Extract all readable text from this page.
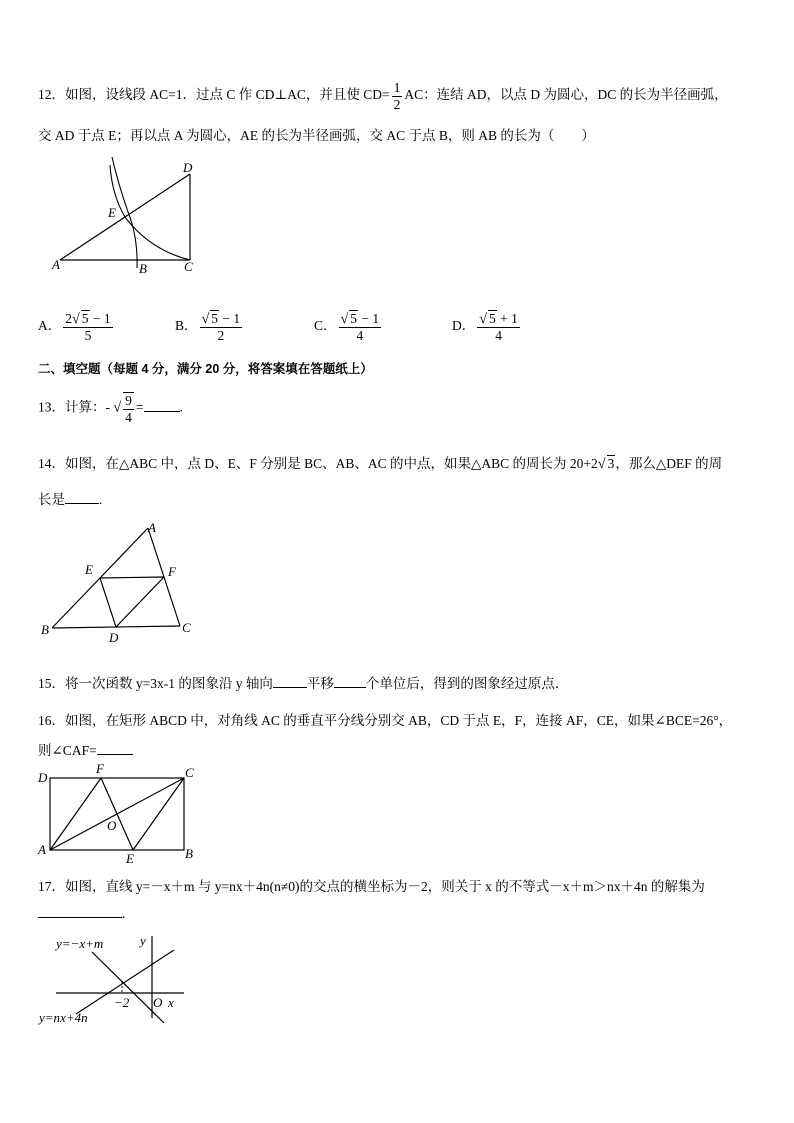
12．如图，设线段 AC=1．过点 C 作 CD⊥AC，并且使 $CD= \frac{1}{2}$ AC：连结 AD，以点 D 为圆心，DC 的长为半径画弧，
交 AD 于点 E；再以点 A 为圆心，AE 的长为半径画弧，交 AC 于点 B，则 AB 的长为（　　）
D
E
A	B	C
A． $\frac{2√ 5 - 1}{5}$	B． $\frac{√ 5 - 1}{2}$	C． $\frac{√ 5 - 1}{4}$	D． $\frac{√ 5 + 1}{4}$
二、填空题（每题 4 分，满分 20 分，将答案填在答题纸上）
13．计算：- √ $\frac{9}{4}$ =	.
14．如图，在△ABC 中，点 D、E、F 分别是 BC、AB、AC 的中点，如果△ABC 的周长为 20+2√ 3，那么△DEF 的周
长是	.
A
E	F
B
D
C
15．将一次函数 y=3x-1 的图象沿 y 轴向	平移 个单位后，得到的图象经过原点．
16．如图，在矩形 ABCD 中，对角线 AC 的垂直平分线分别交 AB，CD 于点 E，F，连接 AF，CE，如果∠BCE=26°，
则∠CAF=
D
F	C
O
A
E	B
17．如图，直线 y=－x＋m 与 y=nx＋4n(n≠0)的交点的横坐标为－2，则关于 x 的不等式－x＋m＞nx＋4n 的解集为
.
y=−x+m	y
y=nx+4n
−2 O x
